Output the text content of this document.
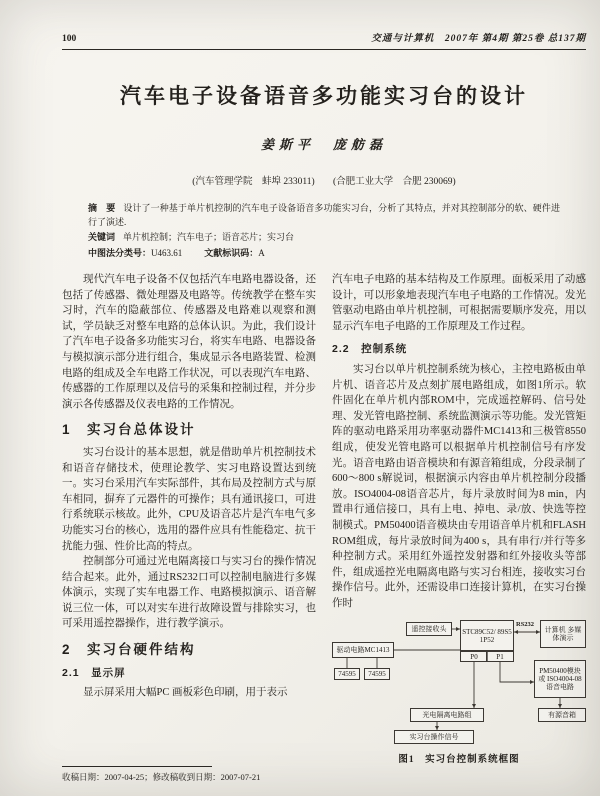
100	交通与计算机　2007年 第4期 第25卷 总137期
汽车电子设备语音多功能实习台的设计
姜斯平　庞舫磊
(汽车管理学院　蚌埠 233011) (合肥工业大学　合肥 230069)

摘　要 设计了一种基于单片机控制的汽车电子设备语音多功能实习台，分析了其特点，并对其控制部分的软、硬件进行了演述.

关键词 单片机控制；汽车电子；语音芯片；实习台

中图法分类号：U463.61 文献标识码：A

现代汽车电子设备不仅包括汽车电路电器设备，还包括了传感器、微处理器及电路等。传统教学在整车实习时，汽车的隐蔽部位、传感器及电路难以观察和测试，学员缺乏对整车电路的总体认识。为此，我们设计了汽车电子设备多功能实习台，将实车电路、电器设备与模拟演示部分进行组合，集成显示各电路装置、检测电路的组成及全车电路工作状况，可以表现汽车电路、传感器的工作原理以及信号的采集和控制过程，并分步演示各传感器及仪表电路的工作情况。

1　实习台总体设计

实习台设计的基本思想，就是借助单片机控制技术和语音存储技术，使理论教学、实习电路设置达到统一。实习台采用汽车实际部件，其布局及控制方式与原车相同，摒弃了元器件的可操作；具有通讯接口，可进行系统联示核故。此外，CPU及语音芯片是汽车电气多功能实习台的核心，选用的器件应具有性能稳定、抗干扰能力强、性价比高的特点。

控制部分可通过光电隔离接口与实习台的操作情况结合起来。此外，通过RS232口可以控制电脑进行多媒体演示，实现了实车电器工作、电路模拟演示、语音解说三位一体，可以对实车进行故障设置与排除实习，也可采用遥控器操作，进行教学演示。

2　实习台硬件结构
2.1　显示屏

显示屏采用大幅PC 画板彩色印刷，用于表示

汽车电子电路的基本结构及工作原理。面板采用了动感设计，可以形象地表现汽车电子电路的工作情况。发光管驱动电路由单片机控制，可根据需要顺序发亮，用以显示汽车电子电路的工作原理及工作过程。

2.2　控制系统

实习台以单片机控制系统为核心，主控电路板由单片机、语音芯片及点刻扩展电路组成，如图1所示。软件固化在单片机内部ROM中，完成遥控解码、信号处理、发光管电路控制、系统监测演示等功能。发光管矩阵的驱动电路采用功率驱动器件MC1413和三极管8550组成，使发光管电路可以根据单片机控制信号有序发光。语音电路由语音模块和有源音箱组成，分段录制了600～800 s解说词，根据演示内容由单片机控制分段播放。ISO4004-08语音芯片，每片录放时间为8 min，内置串行通信接口，具有上电、掉电、录/放、快选等控制模式。PM50400语音模块由专用语音单片机和FLASH ROM组成，每片录放时间为400 s，具有串行/并行等多种控制方式。采用红外遥控发射器和红外接收头等部件，组成遥控光电隔离电路与实习台相连，接收实习台操作信号。此外，还需设串口连接计算机，在实习台操作时

遥控接收头	STC89C52/ 89S51P52
P0	P1
RS232
计算机 多媒体演示
驱动电路MC1413
74595	74595	PM50400模块或 ISO4004-08 语音电路
有源音箱
光电隔离电路组
实习台操作信号
图1　实习台控制系统框图
收稿日期：2007-04-25；修改稿收到日期：2007-07-21
